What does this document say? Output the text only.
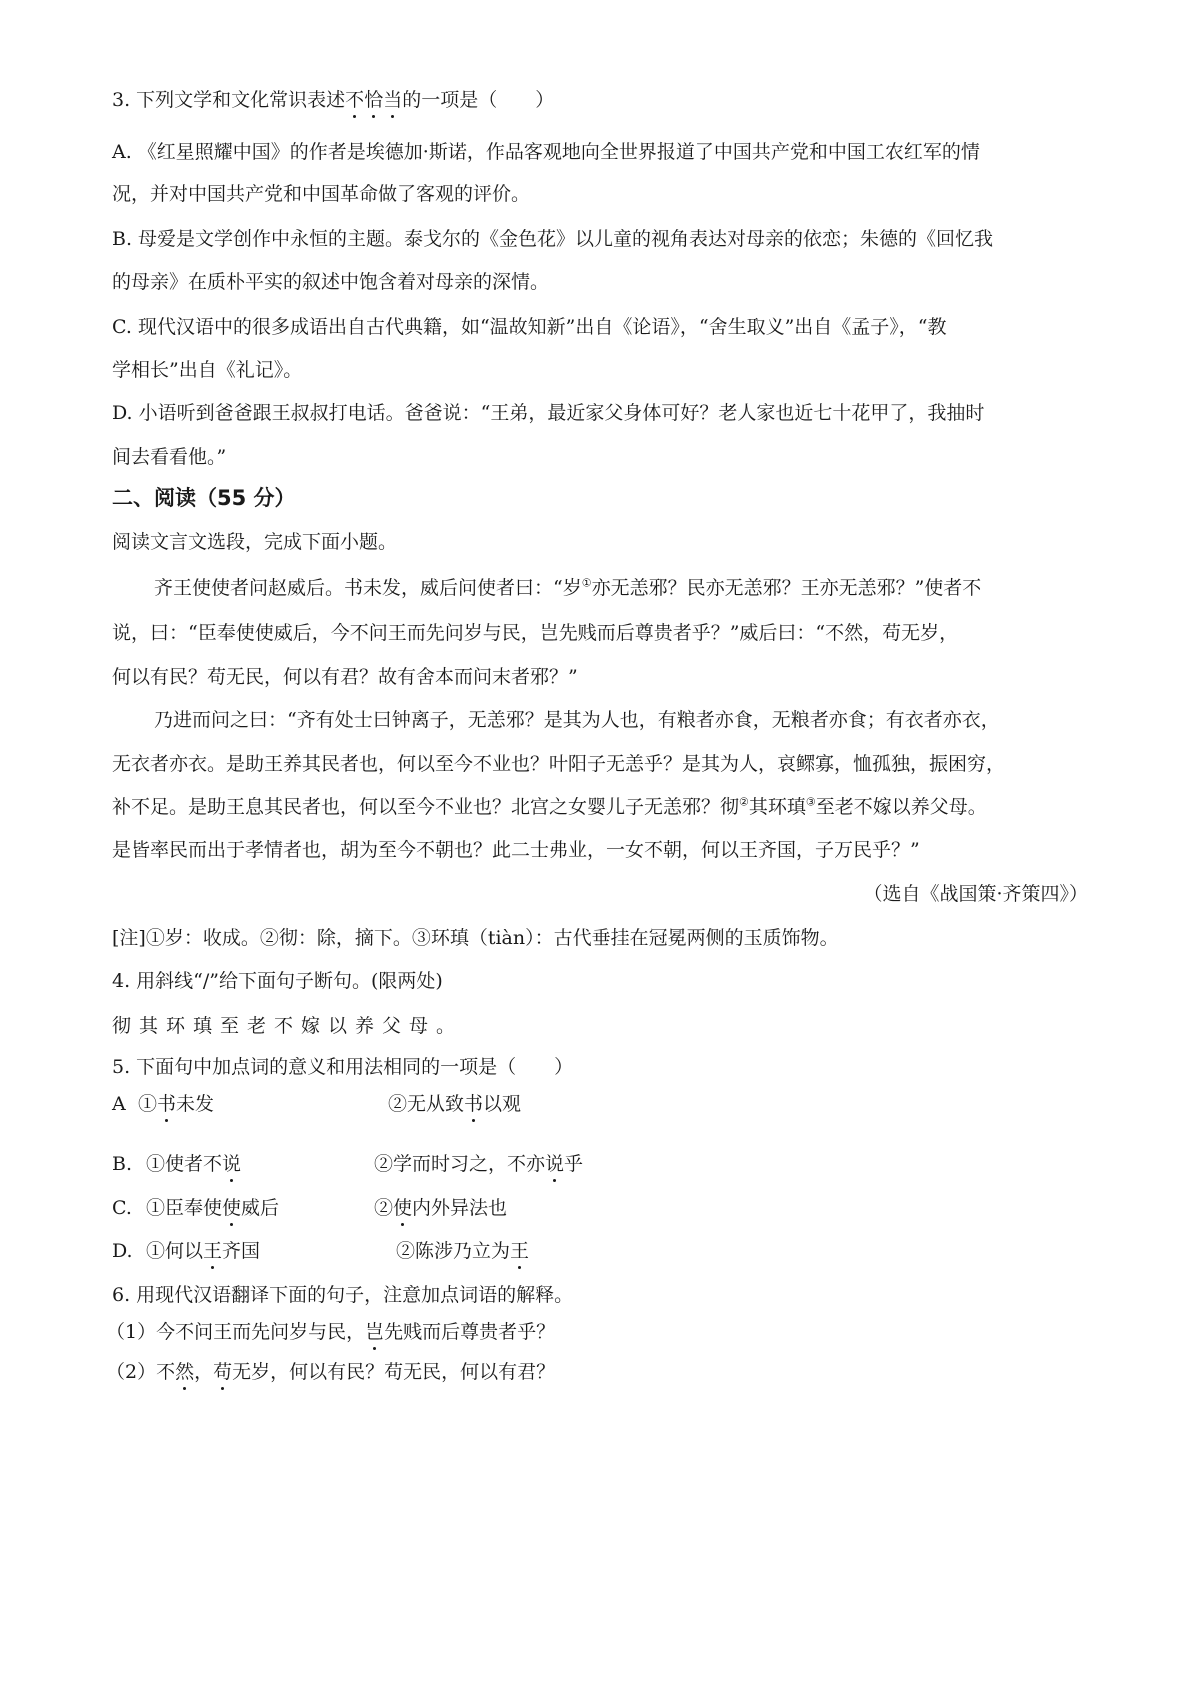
3. 下列文学和文化常识表述不恰当的一项是（　　）
A. 《红星照耀中国》的作者是埃德加·斯诺，作品客观地向全世界报道了中国共产党和中国工农红军的情
况，并对中国共产党和中国革命做了客观的评价。
B. 母爱是文学创作中永恒的主题。泰戈尔的《金色花》以儿童的视角表达对母亲的依恋；朱德的《回忆我
的母亲》在质朴平实的叙述中饱含着对母亲的深情。
C. 现代汉语中的很多成语出自古代典籍，如“温故知新”出自《论语》，“舍生取义”出自《孟子》，“教
学相长”出自《礼记》。
D. 小语听到爸爸跟王叔叔打电话。爸爸说：“王弟，最近家父身体可好？老人家也近七十花甲了，我抽时
间去看看他。”
二、阅读（55 分）
阅读文言文选段，完成下面小题。
齐王使使者问赵威后。书未发，威后问使者曰：“岁①亦无恙邪？民亦无恙邪？王亦无恙邪？”使者不
说，曰：“臣奉使使威后，今不问王而先问岁与民，岂先贱而后尊贵者乎？”威后曰：“不然，苟无岁，
何以有民？苟无民，何以有君？故有舍本而问末者邪？”
乃进而问之曰：“齐有处士曰钟离子，无恙邪？是其为人也，有粮者亦食，无粮者亦食；有衣者亦衣，
无衣者亦衣。是助王养其民者也，何以至今不业也？叶阳子无恙乎？是其为人，哀鳏寡，恤孤独，振困穷，
补不足。是助王息其民者也，何以至今不业也？北宫之女婴儿子无恙邪？彻②其环瑱③至老不嫁以养父母。
是皆率民而出于孝情者也，胡为至今不朝也？此二士弗业，一女不朝，何以王齐国，子万民乎？”
（选自《战国策·齐策四》）
[注]①岁：收成。②彻：除，摘下。③环瑱（tiàn）：古代垂挂在冠冕两侧的玉质饰物。
4. 用斜线“/”给下面句子断句。(限两处)
彻其环瑱至老不嫁以养父母。
5. 下面句中加点词的意义和用法相同的一项是（　　）
A ①书未发	②无从致书以观
B. ①使者不说	②学而时习之，不亦说乎
C. ①臣奉使使威后	②使内外异法也
D. ①何以王齐国	②陈涉乃立为王
6. 用现代汉语翻译下面的句子，注意加点词语的解释。
（1）今不问王而先问岁与民，岂先贱而后尊贵者乎？
（2）不然，苟无岁，何以有民？苟无民，何以有君？
